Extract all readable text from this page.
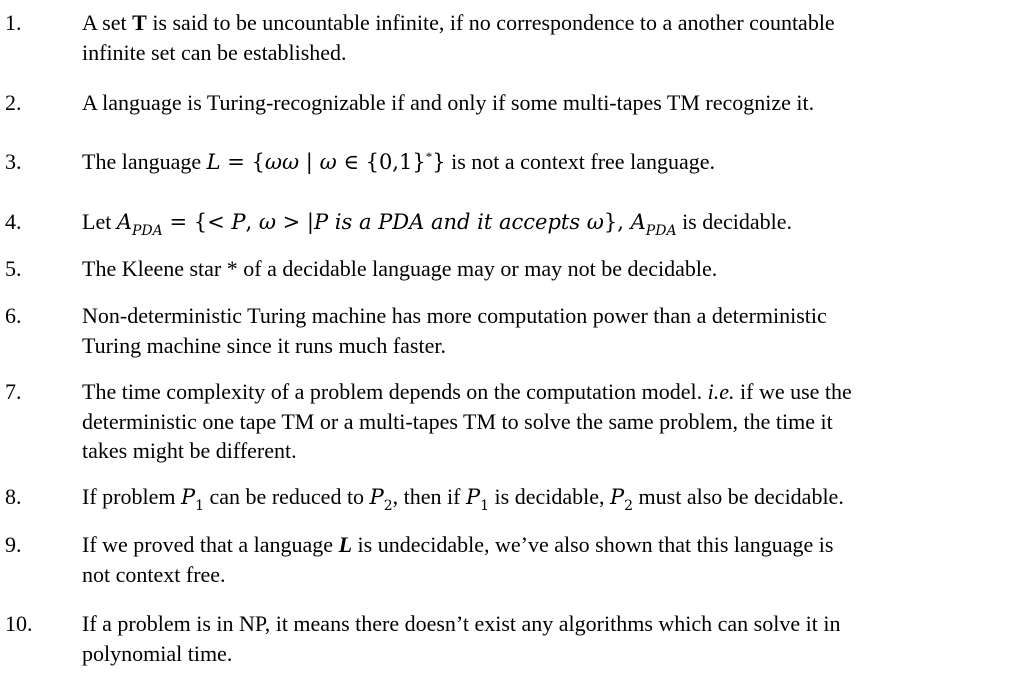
1.	A set T is said to be uncountable infinite, if no correspondence to a another countable
infinite set can be established.
2.	A language is Turing-recognizable if and only if some multi-tapes TM recognize it.
3.	The language L = {ωω | ω ∈ {0,1}*} is not a context free language.
4.	Let $A_{PDA}$ = {< P, ω > |P is a PDA and it accepts ω}, $A_{PDA}$ is decidable.
5.	The Kleene star * of a decidable language may or may not be decidable.
6.	Non-deterministic Turing machine has more computation power than a deterministic
Turing machine since it runs much faster.
7.	The time complexity of a problem depends on the computation model. i.e. if we use the
deterministic one tape TM or a multi-tapes TM to solve the same problem, the time it
takes might be different.
8.	If problem $P_1$ can be reduced to $P_2$, then if $P_1$ is decidable, $P_2$ must also be decidable.
9.	If we proved that a language L is undecidable, we’ve also shown that this language is
not context free.
10. If a problem is in NP, it means there doesn’t exist any algorithms which can solve it in
polynomial time.
